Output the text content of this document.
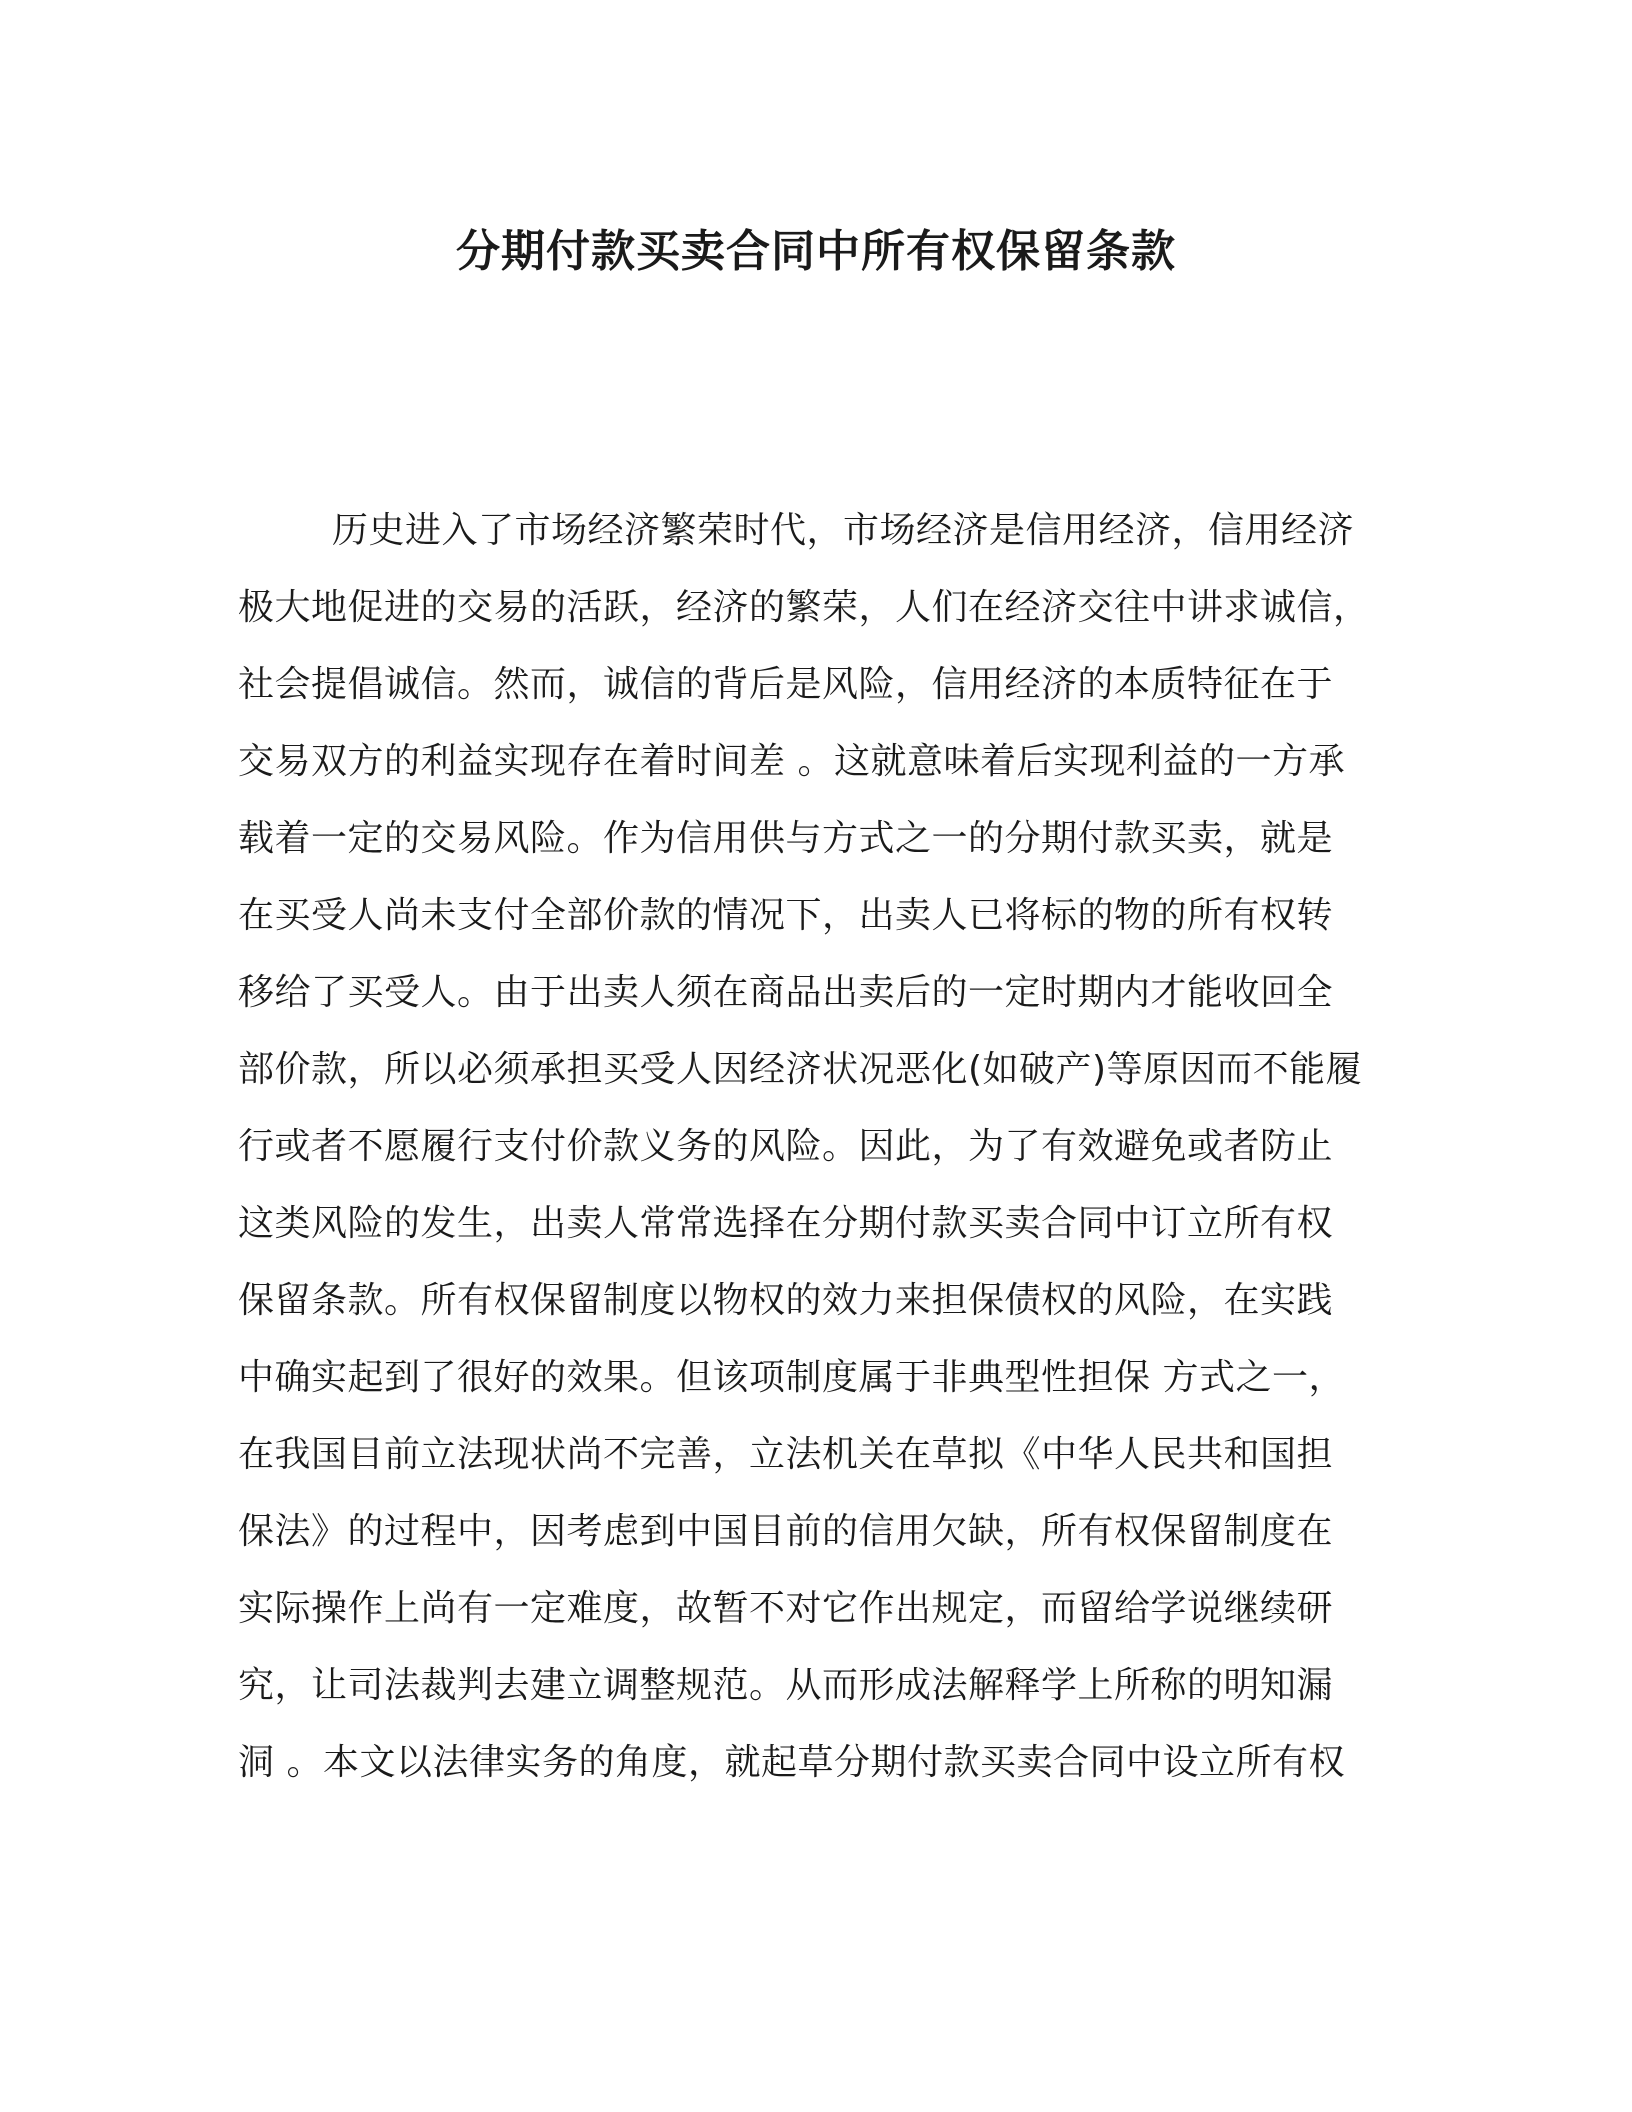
分期付款买卖合同中所有权保留条款
历史进入了市场经济繁荣时代，市场经济是信用经济，信用经济
极大地促进的交易的活跃，经济的繁荣，人们在经济交往中讲求诚信，
社会提倡诚信。然而，诚信的背后是风险，信用经济的本质特征在于
交易双方的利益实现存在着时间差 。这就意味着后实现利益的一方承
载着一定的交易风险。作为信用供与方式之一的分期付款买卖，就是
在买受人尚未支付全部价款的情况下，出卖人已将标的物的所有权转
移给了买受人。由于出卖人须在商品出卖后的一定时期内才能收回全
部价款，所以必须承担买受人因经济状况恶化(如破产)等原因而不能履
行或者不愿履行支付价款义务的风险。因此，为了有效避免或者防止
这类风险的发生，出卖人常常选择在分期付款买卖合同中订立所有权
保留条款。所有权保留制度以物权的效力来担保债权的风险，在实践
中确实起到了很好的效果。但该项制度属于非典型性担保 方式之一，
在我国目前立法现状尚不完善，立法机关在草拟《中华人民共和国担
保法》的过程中，因考虑到中国目前的信用欠缺，所有权保留制度在
实际操作上尚有一定难度，故暂不对它作出规定，而留给学说继续研
究，让司法裁判去建立调整规范。从而形成法解释学上所称的明知漏
洞 。本文以法律实务的角度，就起草分期付款买卖合同中设立所有权
